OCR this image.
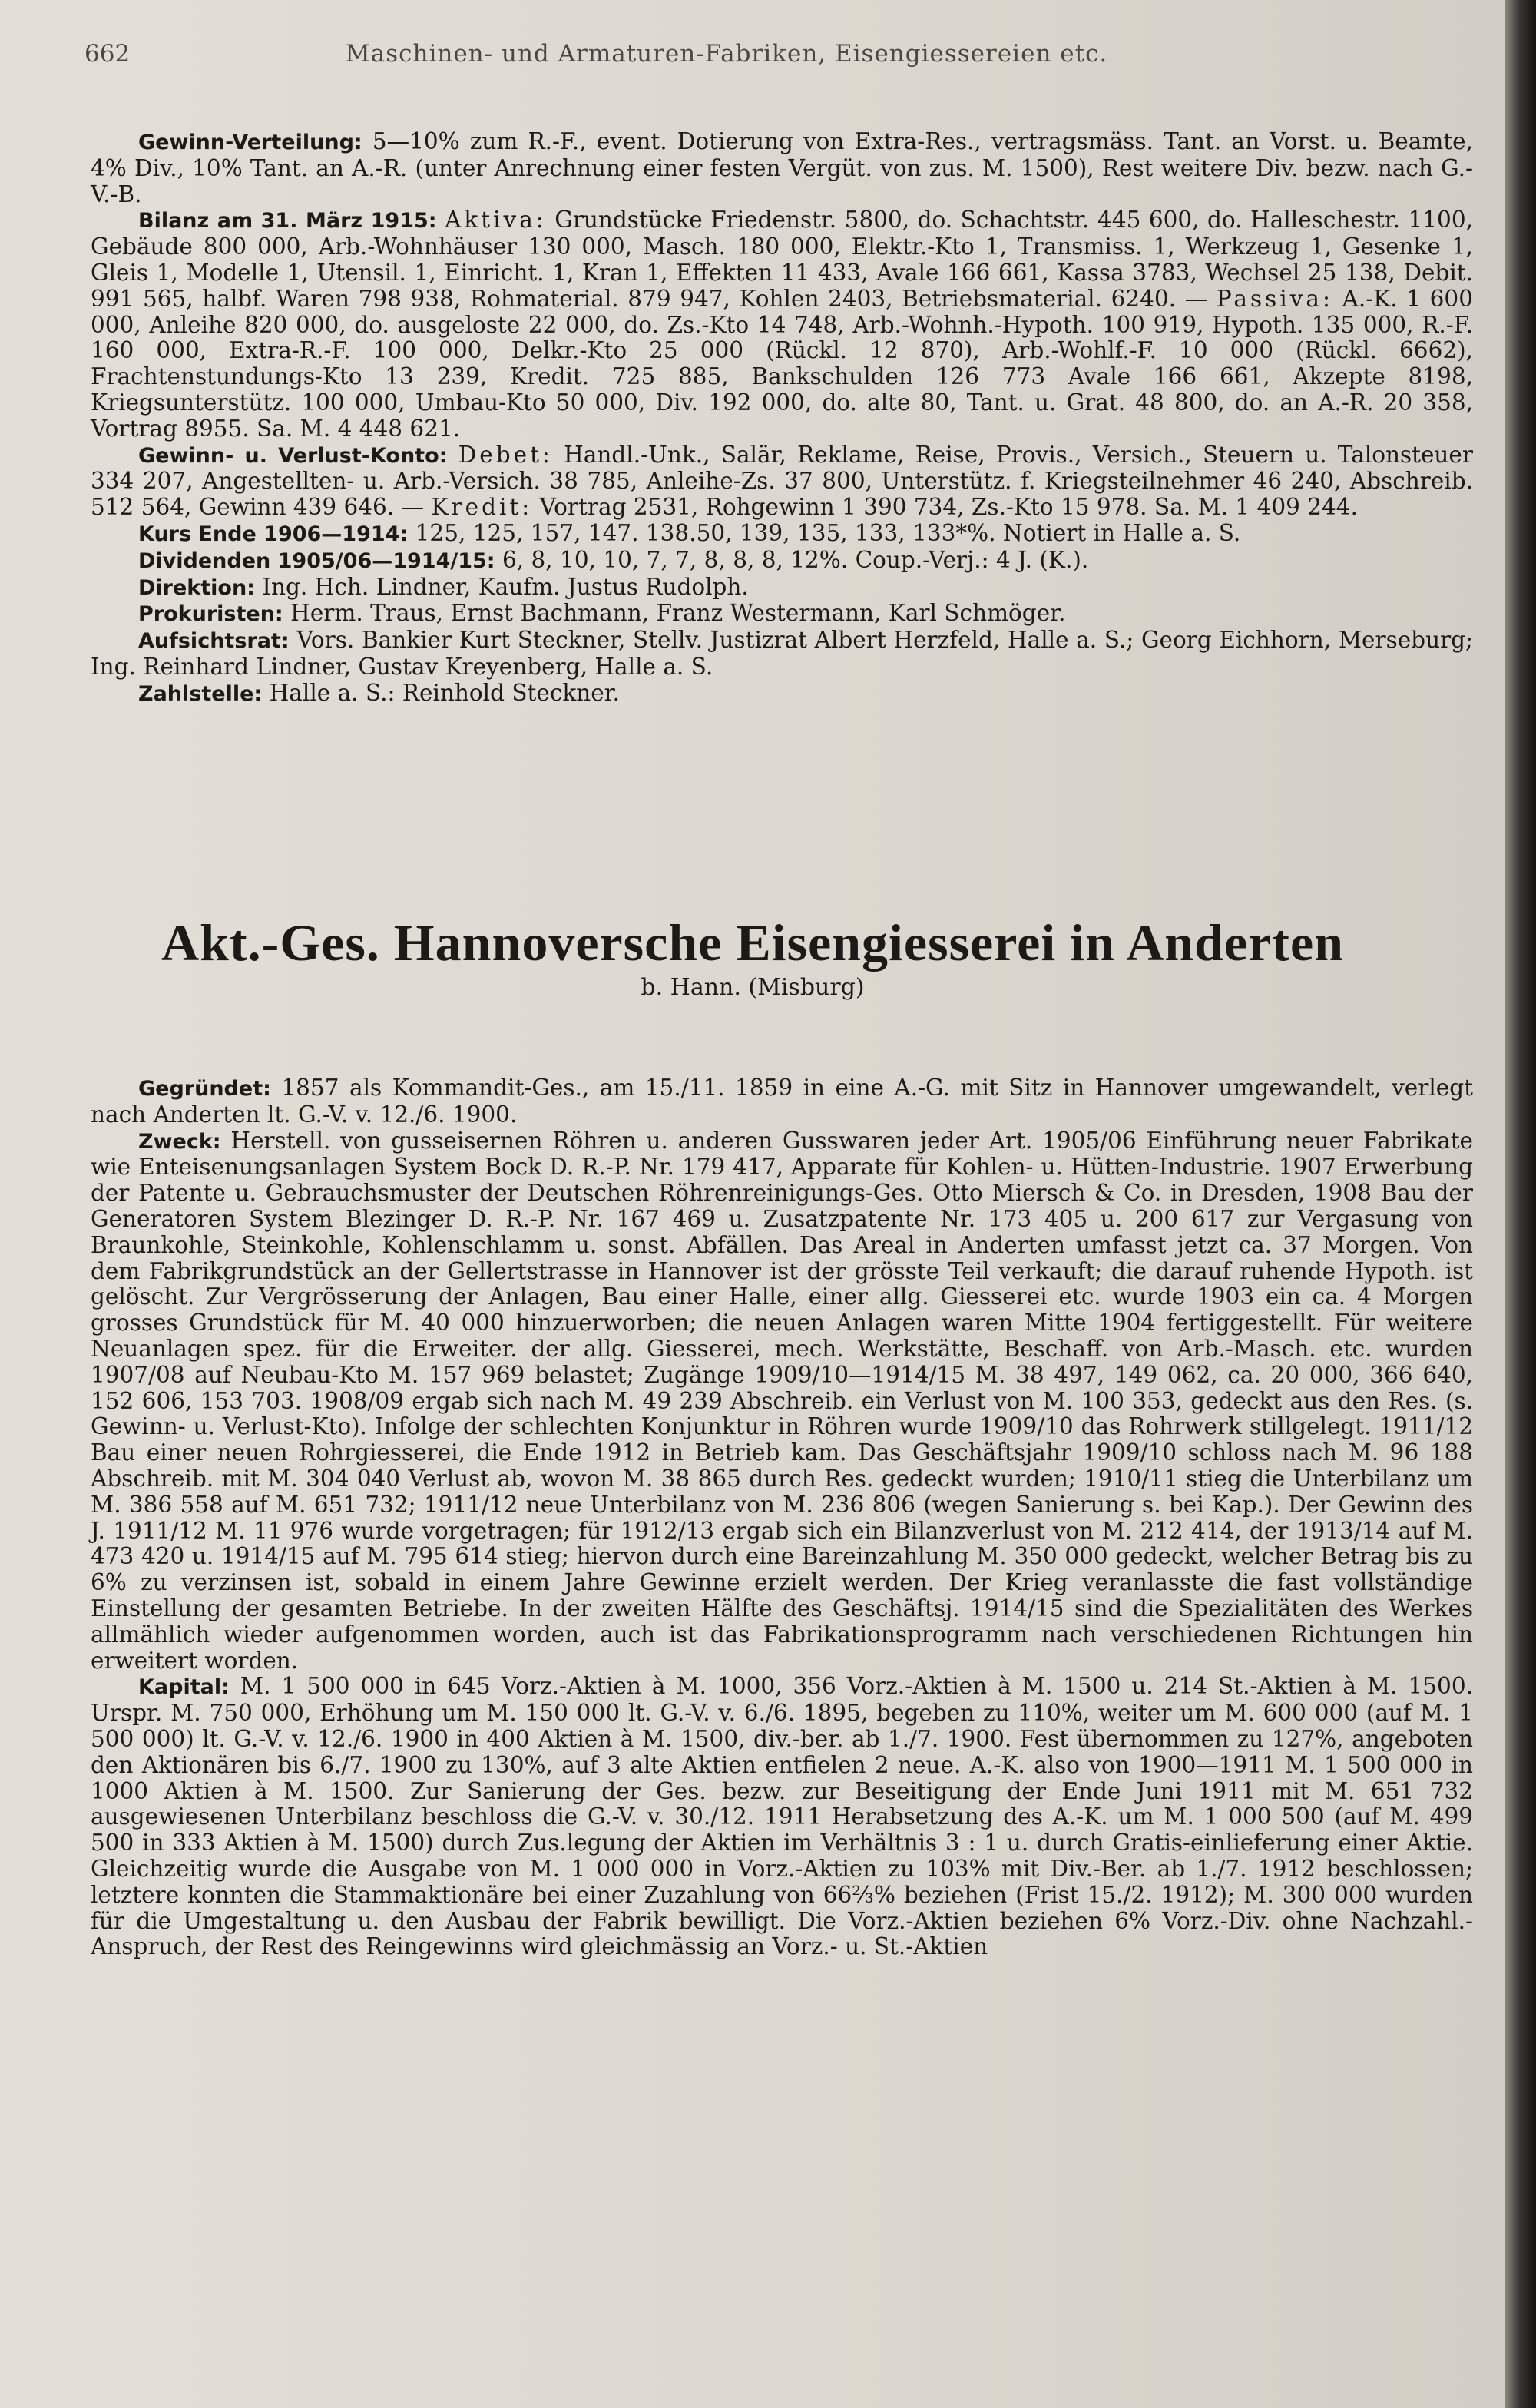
662	Maschinen- und Armaturen-Fabriken, Eisengiessereien etc.

Gewinn-Verteilung: 5—10% zum R.-F., event. Dotierung von Extra-Res., vertragsmäss. Tant. an Vorst. u. Beamte, 4% Div., 10% Tant. an A.-R. (unter Anrechnung einer festen Vergüt. von zus. M. 1500), Rest weitere Div. bezw. nach G.-V.-B.

Bilanz am 31. März 1915: Aktiva: Grundstücke Friedenstr. 5800, do. Schachtstr. 445 600, do. Halleschestr. 1100, Gebäude 800 000, Arb.-Wohnhäuser 130 000, Masch. 180 000, Elektr.-Kto 1, Transmiss. 1, Werkzeug 1, Gesenke 1, Gleis 1, Modelle 1, Utensil. 1, Einricht. 1, Kran 1, Effekten 11 433, Avale 166 661, Kassa 3783, Wechsel 25 138, Debit. 991 565, halbf. Waren 798 938, Rohmaterial. 879 947, Kohlen 2403, Betriebsmaterial. 6240. — Passiva: A.-K. 1 600 000, Anleihe 820 000, do. ausgeloste 22 000, do. Zs.-Kto 14 748, Arb.-Wohnh.-Hypoth. 100 919, Hypoth. 135 000, R.-F. 160 000, Extra-R.-F. 100 000, Delkr.-Kto 25 000 (Rückl. 12 870), Arb.-Wohlf.-F. 10 000 (Rückl. 6662), Frachtenstundungs-Kto 13 239, Kredit. 725 885, Bankschulden 126 773 Avale 166 661, Akzepte 8198, Kriegsunterstütz. 100 000, Umbau-Kto 50 000, Div. 192 000, do. alte 80, Tant. u. Grat. 48 800, do. an A.-R. 20 358, Vortrag 8955. Sa. M. 4 448 621.

Gewinn- u. Verlust-Konto: Debet: Handl.-Unk., Salär, Reklame, Reise, Provis., Versich., Steuern u. Talonsteuer 334 207, Angestellten- u. Arb.-Versich. 38 785, Anleihe-Zs. 37 800, Unterstütz. f. Kriegsteilnehmer 46 240, Abschreib. 512 564, Gewinn 439 646. — Kredit: Vortrag 2531, Rohgewinn 1 390 734, Zs.-Kto 15 978. Sa. M. 1 409 244.

Kurs Ende 1906—1914: 125, 125, 157, 147. 138.50, 139, 135, 133, 133*%. Notiert in Halle a. S.

Dividenden 1905/06—1914/15: 6, 8, 10, 10, 7, 7, 8, 8, 8, 12%. Coup.-Verj.: 4 J. (K.).

Direktion: Ing. Hch. Lindner, Kaufm. Justus Rudolph.

Prokuristen: Herm. Traus, Ernst Bachmann, Franz Westermann, Karl Schmöger.

Aufsichtsrat: Vors. Bankier Kurt Steckner, Stellv. Justizrat Albert Herzfeld, Halle a. S.; Georg Eichhorn, Merseburg; Ing. Reinhard Lindner, Gustav Kreyenberg, Halle a. S.

Zahlstelle: Halle a. S.: Reinhold Steckner.

Akt.-Ges. Hannoversche Eisengiesserei in Anderten
b. Hann. (Misburg)

Gegründet: 1857 als Kommandit-Ges., am 15./11. 1859 in eine A.-G. mit Sitz in Hannover umgewandelt, verlegt nach Anderten lt. G.-V. v. 12./6. 1900.

Zweck: Herstell. von gusseisernen Röhren u. anderen Gusswaren jeder Art. 1905/06 Einführung neuer Fabrikate wie Enteisenungsanlagen System Bock D. R.-P. Nr. 179 417, Apparate für Kohlen- u. Hütten-Industrie. 1907 Erwerbung der Patente u. Gebrauchsmuster der Deutschen Röhrenreinigungs-Ges. Otto Miersch & Co. in Dresden, 1908 Bau der Generatoren System Blezinger D. R.-P. Nr. 167 469 u. Zusatzpatente Nr. 173 405 u. 200 617 zur Vergasung von Braunkohle, Steinkohle, Kohlenschlamm u. sonst. Abfällen. Das Areal in Anderten umfasst jetzt ca. 37 Morgen. Von dem Fabrikgrundstück an der Gellertstrasse in Hannover ist der grösste Teil verkauft; die darauf ruhende Hypoth. ist gelöscht. Zur Vergrösserung der Anlagen, Bau einer Halle, einer allg. Giesserei etc. wurde 1903 ein ca. 4 Morgen grosses Grundstück für M. 40 000 hinzuerworben; die neuen Anlagen waren Mitte 1904 fertiggestellt. Für weitere Neuanlagen spez. für die Erweiter. der allg. Giesserei, mech. Werkstätte, Beschaff. von Arb.-Masch. etc. wurden 1907/08 auf Neubau-Kto M. 157 969 belastet; Zugänge 1909/10—1914/15 M. 38 497, 149 062, ca. 20 000, 366 640, 152 606, 153 703. 1908/09 ergab sich nach M. 49 239 Abschreib. ein Verlust von M. 100 353, gedeckt aus den Res. (s. Gewinn- u. Verlust-Kto). Infolge der schlechten Konjunktur in Röhren wurde 1909/10 das Rohrwerk stillgelegt. 1911/12 Bau einer neuen Rohrgiesserei, die Ende 1912 in Betrieb kam. Das Geschäftsjahr 1909/10 schloss nach M. 96 188 Abschreib. mit M. 304 040 Verlust ab, wovon M. 38 865 durch Res. gedeckt wurden; 1910/11 stieg die Unterbilanz um M. 386 558 auf M. 651 732; 1911/12 neue Unterbilanz von M. 236 806 (wegen Sanierung s. bei Kap.). Der Gewinn des J. 1911/12 M. 11 976 wurde vorgetragen; für 1912/13 ergab sich ein Bilanzverlust von M. 212 414, der 1913/14 auf M. 473 420 u. 1914/15 auf M. 795 614 stieg; hiervon durch eine Bareinzahlung M. 350 000 gedeckt, welcher Betrag bis zu 6% zu verzinsen ist, sobald in einem Jahre Gewinne erzielt werden. Der Krieg veranlasste die fast vollständige Einstellung der gesamten Betriebe. In der zweiten Hälfte des Geschäftsj. 1914/15 sind die Spezialitäten des Werkes allmählich wieder aufgenommen worden, auch ist das Fabrikationsprogramm nach verschiedenen Richtungen hin erweitert worden.

Kapital: M. 1 500 000 in 645 Vorz.-Aktien à M. 1000, 356 Vorz.-Aktien à M. 1500 u. 214 St.-Aktien à M. 1500. Urspr. M. 750 000, Erhöhung um M. 150 000 lt. G.-V. v. 6./6. 1895, begeben zu 110%, weiter um M. 600 000 (auf M. 1 500 000) lt. G.-V. v. 12./6. 1900 in 400 Aktien à M. 1500, div.-ber. ab 1./7. 1900. Fest übernommen zu 127%, angeboten den Aktionären bis 6./7. 1900 zu 130%, auf 3 alte Aktien entfielen 2 neue. A.-K. also von 1900—1911 M. 1 500 000 in 1000 Aktien à M. 1500. Zur Sanierung der Ges. bezw. zur Beseitigung der Ende Juni 1911 mit M. 651 732 ausgewiesenen Unterbilanz beschloss die G.-V. v. 30./12. 1911 Herabsetzung des A.-K. um M. 1 000 500 (auf M. 499 500 in 333 Aktien à M. 1500) durch Zus.legung der Aktien im Verhältnis 3 : 1 u. durch Gratis-einlieferung einer Aktie. Gleichzeitig wurde die Ausgabe von M. 1 000 000 in Vorz.-Aktien zu 103% mit Div.-Ber. ab 1./7. 1912 beschlossen; letztere konnten die Stammaktionäre bei einer Zuzahlung von 66⅔% beziehen (Frist 15./2. 1912); M. 300 000 wurden für die Umgestaltung u. den Ausbau der Fabrik bewilligt. Die Vorz.-Aktien beziehen 6% Vorz.-Div. ohne Nachzahl.-Anspruch, der Rest des Reingewinns wird gleichmässig an Vorz.- u. St.-Aktien
